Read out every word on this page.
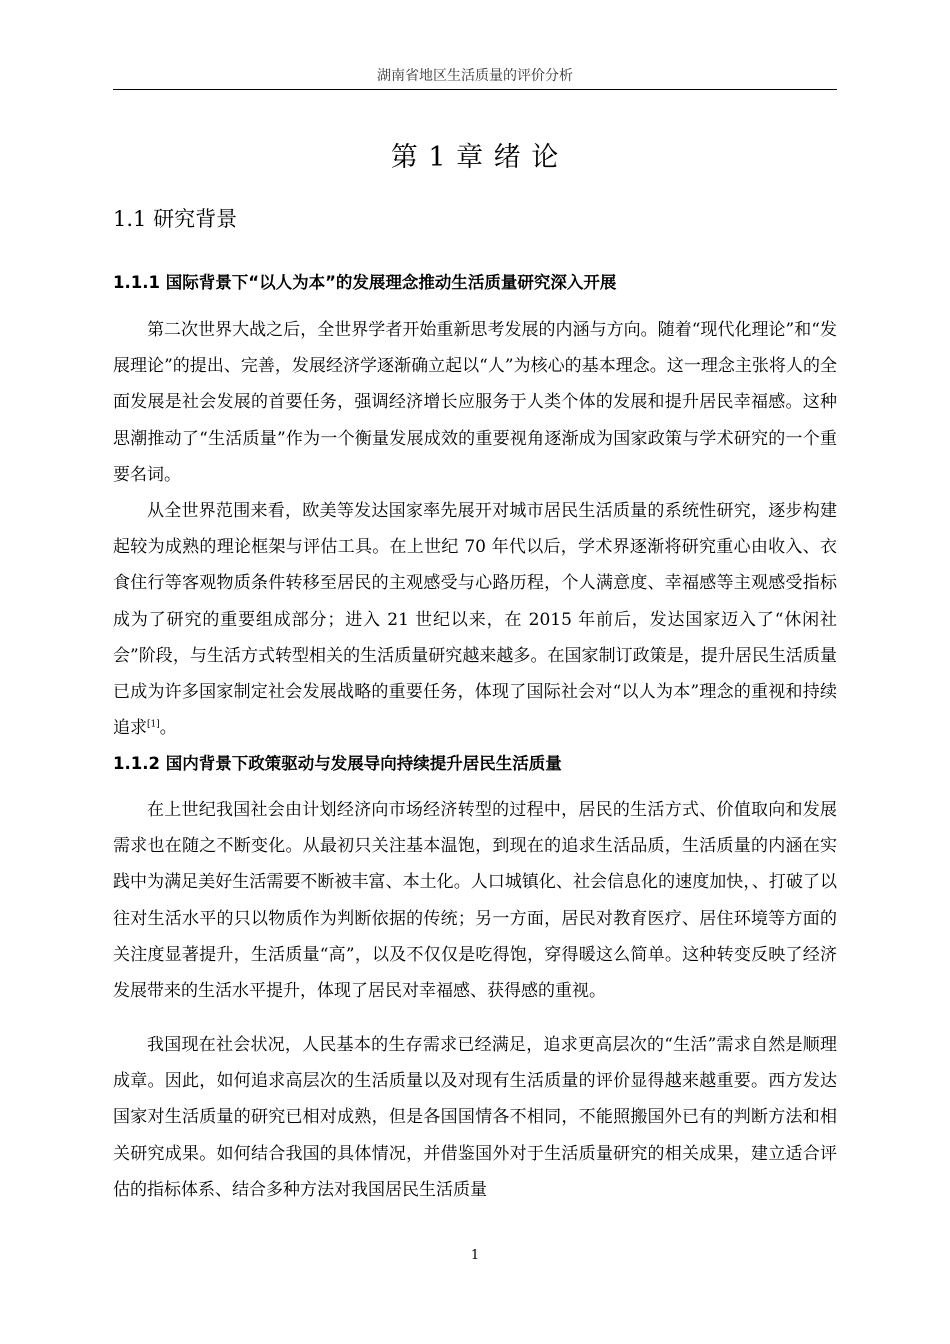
湖南省地区生活质量的评价分析
第 1 章 绪 论
1.1 研究背景
1.1.1 国际背景下“以人为本”的发展理念推动生活质量研究深入开展

第二次世界大战之后，全世界学者开始重新思考发展的内涵与方向。随着“现代化理论”和“发展理论”的提出、完善，发展经济学逐渐确立起以“人”为核心的基本理念。这一理念主张将人的全面发展是社会发展的首要任务，强调经济增长应服务于人类个体的发展和提升居民幸福感。这种思潮推动了“生活质量”作为一个衡量发展成效的重要视角逐渐成为国家政策与学术研究的一个重要名词。

从全世界范围来看，欧美等发达国家率先展开对城市居民生活质量的系统性研究，逐步构建起较为成熟的理论框架与评估工具。在上世纪 70 年代以后，学术界逐渐将研究重心由收入、衣食住行等客观物质条件转移至居民的主观感受与心路历程，个人满意度、幸福感等主观感受指标成为了研究的重要组成部分；进入 21 世纪以来，在 2015 年前后，发达国家迈入了“休闲社会”阶段，与生活方式转型相关的生活质量研究越来越多。在国家制订政策是，提升居民生活质量已成为许多国家制定社会发展战略的重要任务，体现了国际社会对“以人为本”理念的重视和持续追求[1]。

1.1.2 国内背景下政策驱动与发展导向持续提升居民生活质量

在上世纪我国社会由计划经济向市场经济转型的过程中，居民的生活方式、价值取向和发展需求也在随之不断变化。从最初只关注基本温饱，到现在的追求生活品质，生活质量的内涵在实践中为满足美好生活需要不断被丰富、本土化。人口城镇化、社会信息化的速度加快，、打破了以往对生活水平的只以物质作为判断依据的传统；另一方面，居民对教育医疗、居住环境等方面的关注度显著提升，生活质量“高”，以及不仅仅是吃得饱，穿得暖这么简单。这种转变反映了经济发展带来的生活水平提升，体现了居民对幸福感、获得感的重视。

我国现在社会状况，人民基本的生存需求已经满足，追求更高层次的“生活”需求自然是顺理成章。因此，如何追求高层次的生活质量以及对现有生活质量的评价显得越来越重要。西方发达国家对生活质量的研究已相对成熟，但是各国国情各不相同，不能照搬国外已有的判断方法和相关研究成果。如何结合我国的具体情况，并借鉴国外对于生活质量研究的相关成果，建立适合评估的指标体系、结合多种方法对我国居民生活质量

1
